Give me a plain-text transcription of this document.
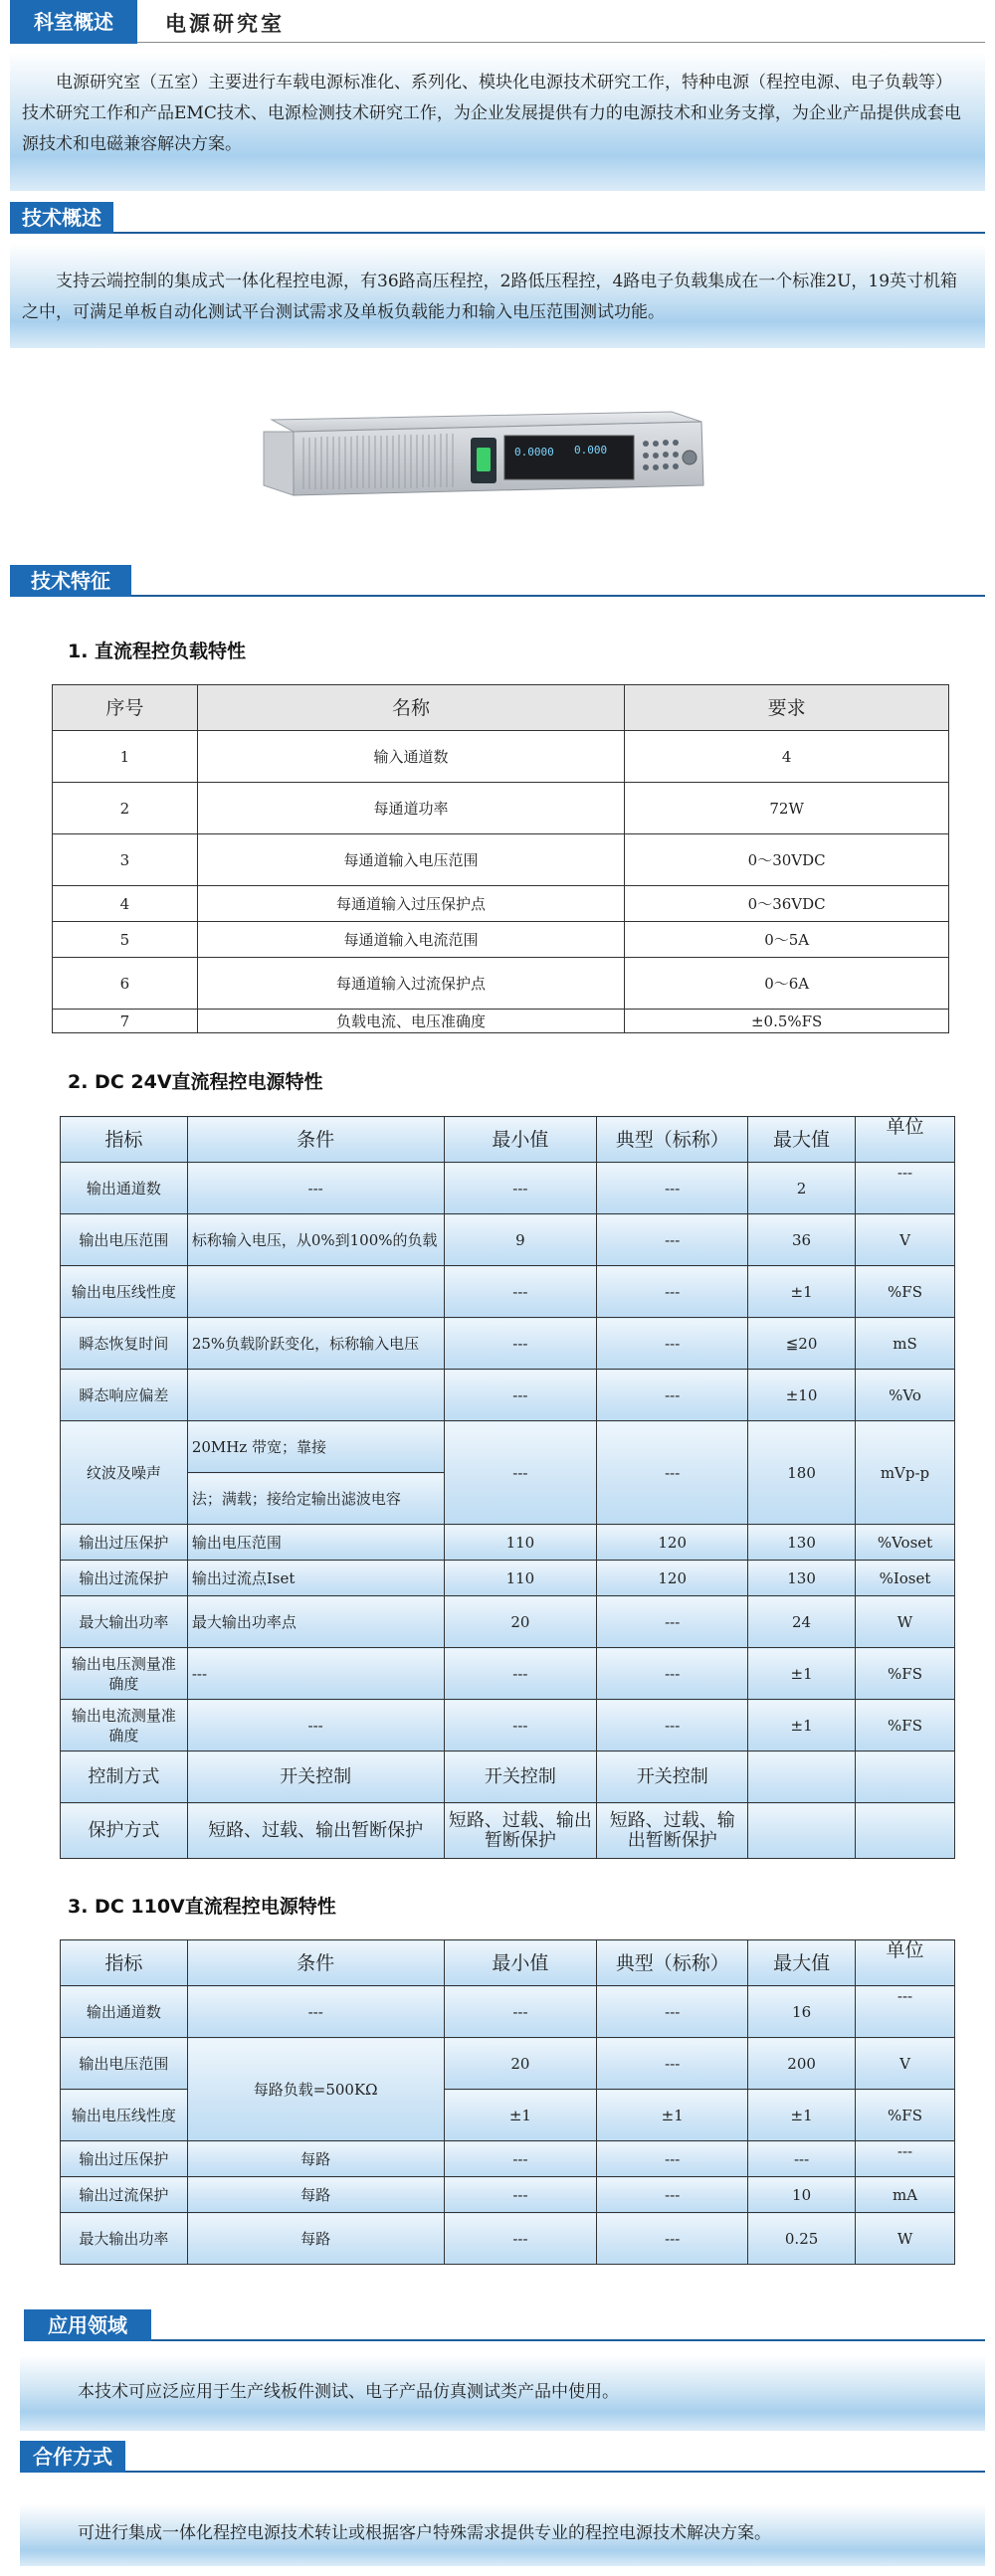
科室概述	电源研究室
电源研究室（五室）主要进行车载电源标准化、系列化、模块化电源技术研究工作，特种电源（程控电源、电子负载等）技术研究工作和产品EMC技术、电源检测技术研究工作，为企业发展提供有力的电源技术和业务支撑，为企业产品提供成套电源技术和电磁兼容解决方案。
技术概述
支持云端控制的集成式一体化程控电源，有36路高压程控，2路低压程控，4路电子负载集成在一个标准2U，19英寸机箱之中，可满足单板自动化测试平台测试需求及单板负载能力和输入电压范围测试功能。
0.0000 0.000
技术特征
1. 直流程控负载特性
序号	名称	要求
1	输入通道数	4
2	每通道功率	72W
3	每通道输入电压范围	0～30VDC
4	每通道输入过压保护点	0～36VDC
5	每通道输入电流范围	0～5A
6	每通道输入过流保护点	0～6A
7	负载电流、电压准确度	±0.5%FS
2. DC 24V直流程控电源特性
指标	条件	最小值	典型（标称）	最大值	单位
输出通道数	---	---	---	2	---
输出电压范围	标称输入电压，从0%到100%的负载	9	---	36	V
输出电压线性度		---	---	±1	%FS
瞬态恢复时间	25%负载阶跃变化，标称输入电压	---	---	≦20	mS
瞬态响应偏差		---	---	±10	%Vo
纹波及噪声	20MHz 带宽；靠接	---	---	180	mVp-p
	法；满载；接给定输出滤波电容				
输出过压保护	输出电压范围	110	120	130	%Voset
输出过流保护	输出过流点Iset	110	120	130	%Ioset
最大输出功率	最大输出功率点	20	---	24	W
输出电压测量准确度	---	---	---	±1	%FS
输出电流测量准确度	---	---	---	±1	%FS
控制方式	开关控制	开关控制	开关控制		
保护方式	短路、过载、输出暂断保护	短路、过载、输出暂断保护	短路、过载、输出暂断保护		
3. DC 110V直流程控电源特性
指标	条件	最小值	典型（标称）	最大值	单位
输出通道数	---	---	---	16	---
输出电压范围	每路负载=500KΩ	20	---	200	V
输出电压线性度		±1	±1	±1	%FS
输出过压保护	每路	---	---	---	---
输出过流保护	每路	---	---	10	mA
最大输出功率	每路	---	---	0.25	W
应用领域
本技术可应泛应用于生产线板件测试、电子产品仿真测试类产品中使用。
合作方式
可进行集成一体化程控电源技术转让或根据客户特殊需求提供专业的程控电源技术解决方案。
